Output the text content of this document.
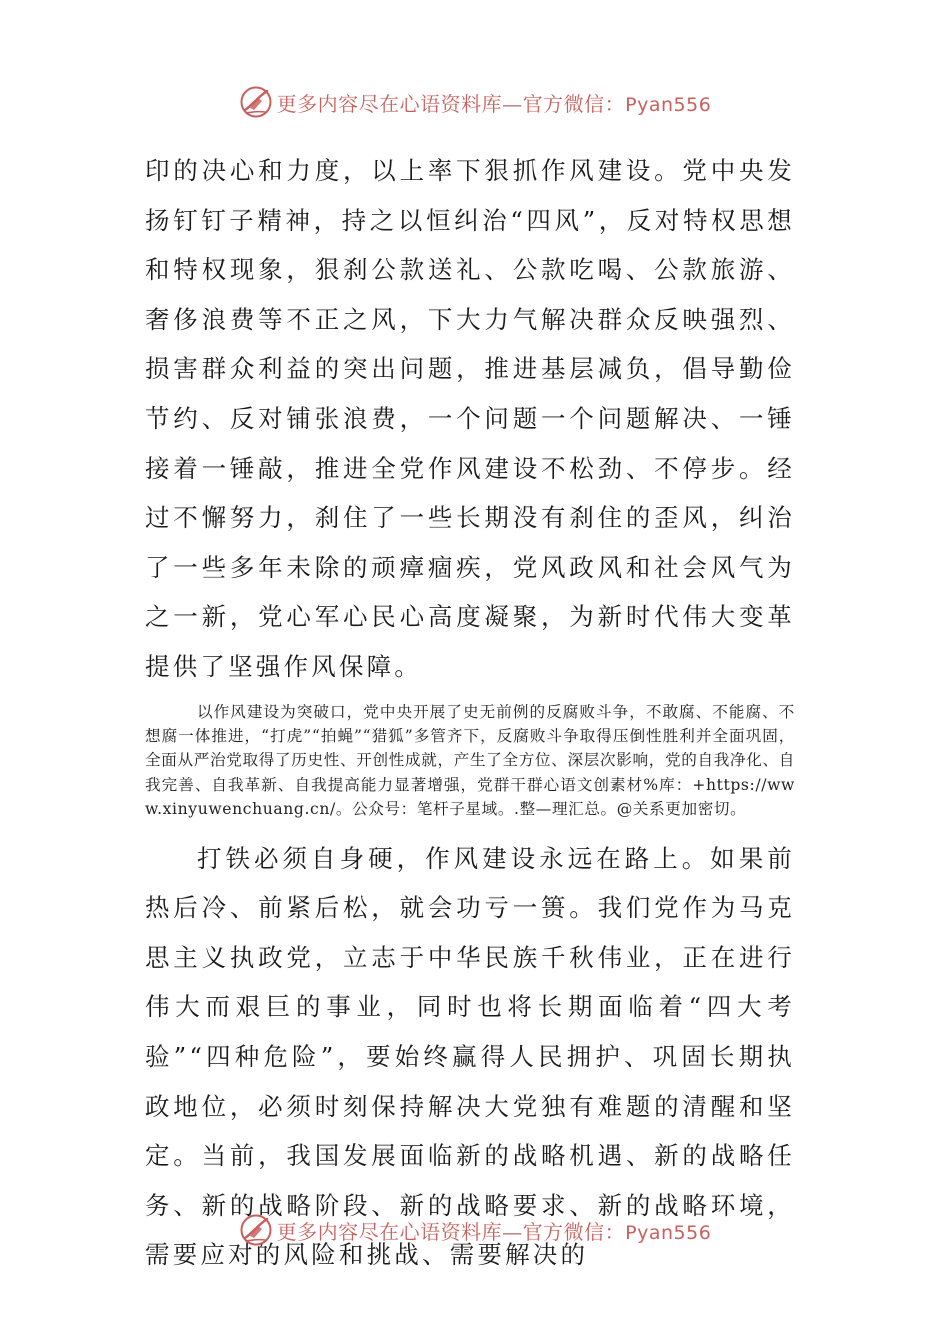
更多内容尽在心语资料库—官方微信：Pyan556

印的决心和力度，以上率下狠抓作风建设。党中央发扬钉钉子精神，持之以恒纠治“四风”，反对特权思想和特权现象，狠刹公款送礼、公款吃喝、公款旅游、奢侈浪费等不正之风，下大力气解决群众反映强烈、损害群众利益的突出问题，推进基层减负，倡导勤俭节约、反对铺张浪费，一个问题一个问题解决、一锤接着一锤敲，推进全党作风建设不松劲、不停步。经过不懈努力，刹住了一些长期没有刹住的歪风，纠治了一些多年未除的顽瘴痼疾，党风政风和社会风气为之一新，党心军心民心高度凝聚，为新时代伟大变革提供了坚强作风保障。

以作风建设为突破口，党中央开展了史无前例的反腐败斗争，不敢腐、不能腐、不想腐一体推进，“打虎”“拍蝇”“猎狐”多管齐下，反腐败斗争取得压倒性胜利并全面巩固，全面从严治党取得了历史性、开创性成就，产生了全方位、深层次影响，党的自我净化、自我完善、自我革新、自我提高能力显著增强，党群干群心语文创素材%库：+https://www.xinyuwenchuang.cn/。公众号：笔杆子星域。.整—理汇总。@关系更加密切。

打铁必须自身硬，作风建设永远在路上。如果前热后冷、前紧后松，就会功亏一篑。我们党作为马克思主义执政党，立志于中华民族千秋伟业，正在进行伟大而艰巨的事业，同时也将长期面临着“四大考验”“四种危险”，要始终赢得人民拥护、巩固长期执政地位，必须时刻保持解决大党独有难题的清醒和坚定。当前，我国发展面临新的战略机遇、新的战略任务、新的战略阶段、新的战略要求、新的战略环境，需要应对的风险和挑战、需要解决的

更多内容尽在心语资料库—官方微信：Pyan556
